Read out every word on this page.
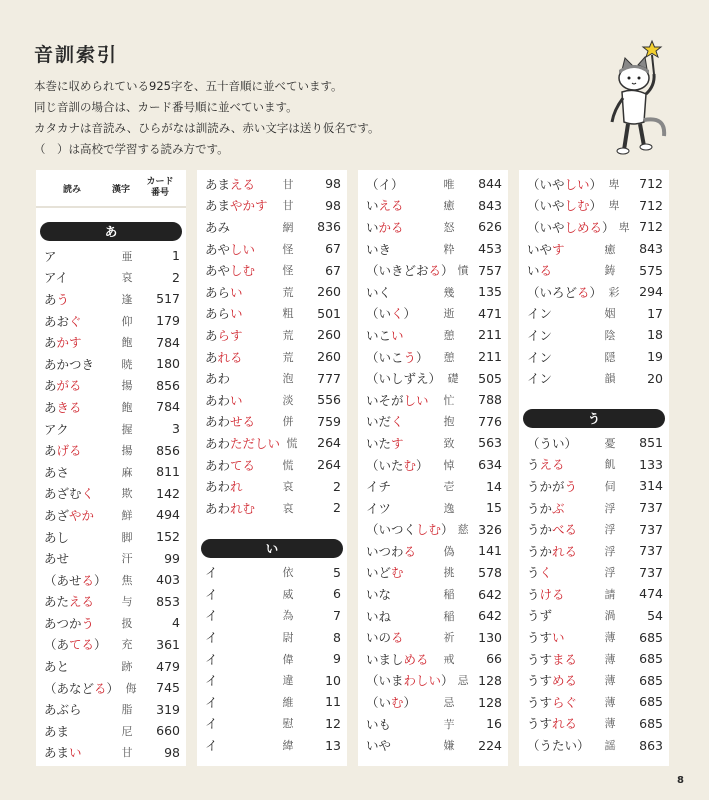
音訓索引

本巻に収められている925字を、五十音順に並べています。

同じ音訓の場合は、カード番号順に並べています。

カタカナは音読み、ひらがなは訓読み、赤い文字は送り仮名です。

（　）は高校で学習する読み方です。

読み	漢字
カード
番号
あ
ア	亜	1
アイ	哀	2
あう	逢	517
あおぐ	仰	179
あかす	飽	784
あかつき	暁	180
あがる	揚	856
あきる	飽	784
アク	握	3
あげる	揚	856
あさ	麻	811
あざむく	欺	142
あざやか	鮮	494
あし	脚	152
あせ	汗	99
（あせる）	焦	403
あたえる	与	853
あつかう	扱	4
（あてる）	充	361
あと	跡	479
（あなどる） 侮	745
あぶら	脂	319
あま	尼	660
あまい	甘	98
あまえる	甘	98
あまやかす	甘	98
あみ	網	836
あやしい	怪	67
あやしむ	怪	67
あらい	荒	260
あらい	粗	501
あらす	荒	260
あれる	荒	260
あわ	泡	777
あわい	淡	556
あわせる	併	759
あわただしい 慌	264
あわてる	慌	264
あわれ	哀	2
あわれむ	哀	2
い
イ	依	5
イ	威	6
イ	為	7
イ	尉	8
イ	偉	9
イ	違	10
イ	維	11
イ	慰	12
イ	緯	13
（イ）	唯	844
いえる	癒	843
いかる	怒	626
いき	粋	453
（いきどおる） 憤 757
いく	幾	135
（いく）	逝	471
いこい	憩	211
（いこう）	憩	211
（いしずえ） 礎	505
いそがしい	忙	788
いだく	抱	776
いたす	致	563
（いたむ）	悼	634
イチ	壱	14
イツ	逸	15
（いつくしむ） 慈 326
いつわる	偽	141
いどむ	挑	578
いな	稲	642
いね	稲	642
いのる	祈	130
いましめる	戒	66
（いまわしい） 忌 128
（いむ）	忌	128
いも	芋	16
いや	嫌	224
（いやしい） 卑	712
（いやしむ） 卑	712
（いやしめる） 卑 712
いやす	癒	843
いる	鋳	575
（いろどる） 彩	294
イン	姻	17
イン	陰	18
イン	隠	19
イン	韻	20
う
（うい）	憂	851
うえる	飢	133
うかがう	伺	314
うかぶ	浮	737
うかべる	浮	737
うかれる	浮	737
うく	浮	737
うける	請	474
うず	渦	54
うすい	薄	685
うすまる	薄	685
うすめる	薄	685
うすらぐ	薄	685
うすれる	薄	685
（うたい）	謡	863
8
